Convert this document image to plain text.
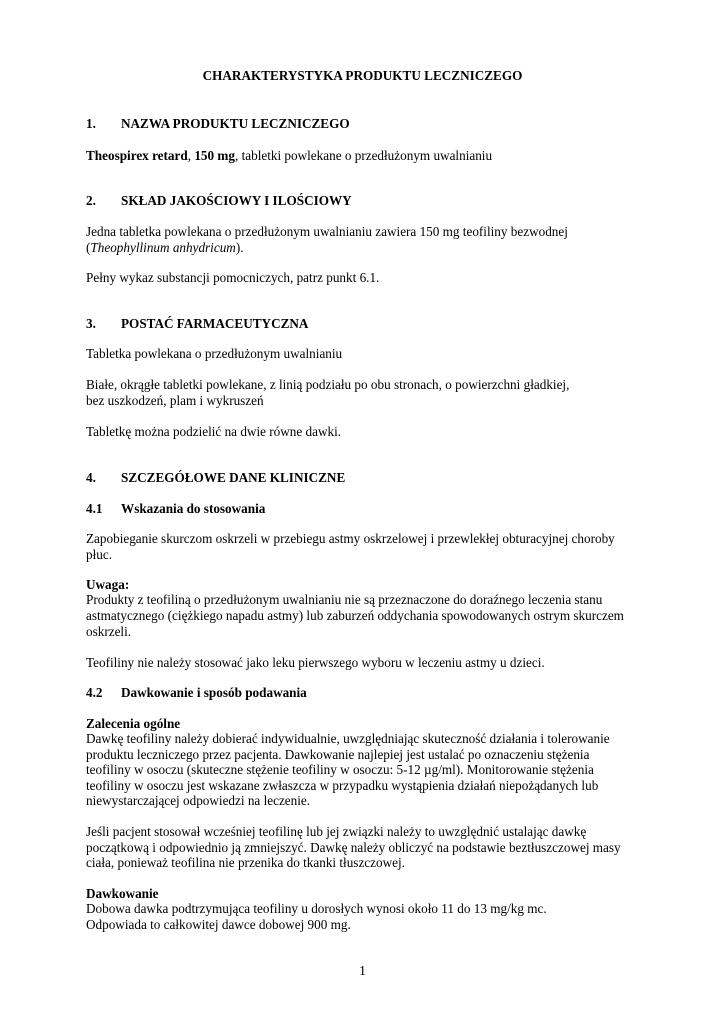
CHARAKTERYSTYKA PRODUKTU LECZNICZEGO

1. NAZWA PRODUKTU LECZNICZEGO

Theospirex retard, 150 mg, tabletki powlekane o przedłużonym uwalnianiu

2. SKŁAD JAKOŚCIOWY I ILOŚCIOWY

Jedna tabletka powlekana o przedłużonym uwalnianiu zawiera 150 mg teofiliny bezwodnej

(Theophyllinum anhydricum).

Pełny wykaz substancji pomocniczych, patrz punkt 6.1.

3. POSTAĆ FARMACEUTYCZNA

Tabletka powlekana o przedłużonym uwalnianiu

Białe, okrągłe tabletki powlekane, z linią podziału po obu stronach, o powierzchni gładkiej,

bez uszkodzeń, plam i wykruszeń

Tabletkę można podzielić na dwie równe dawki.

4. SZCZEGÓŁOWE DANE KLINICZNE

4.1 Wskazania do stosowania

Zapobieganie skurczom oskrzeli w przebiegu astmy oskrzelowej i przewlekłej obturacyjnej choroby

płuc.

Uwaga:

Produkty z teofiliną o przedłużonym uwalnianiu nie są przeznaczone do doraźnego leczenia stanu

astmatycznego (ciężkiego napadu astmy) lub zaburzeń oddychania spowodowanych ostrym skurczem

oskrzeli.

Teofiliny nie należy stosować jako leku pierwszego wyboru w leczeniu astmy u dzieci.

4.2 Dawkowanie i sposób podawania

Zalecenia ogólne

Dawkę teofiliny należy dobierać indywidualnie, uwzględniając skuteczność działania i tolerowanie

produktu leczniczego przez pacjenta. Dawkowanie najlepiej jest ustalać po oznaczeniu stężenia

teofiliny w osoczu (skuteczne stężenie teofiliny w osoczu: 5-12 µg/ml). Monitorowanie stężenia

teofiliny w osoczu jest wskazane zwłaszcza w przypadku wystąpienia działań niepożądanych lub

niewystarczającej odpowiedzi na leczenie.

Jeśli pacjent stosował wcześniej teofilinę lub jej związki należy to uwzględnić ustalając dawkę

początkową i odpowiednio ją zmniejszyć. Dawkę należy obliczyć na podstawie beztłuszczowej masy

ciała, ponieważ teofilina nie przenika do tkanki tłuszczowej.

Dawkowanie

Dobowa dawka podtrzymująca teofiliny u dorosłych wynosi około 11 do 13 mg/kg mc.

Odpowiada to całkowitej dawce dobowej 900 mg.

1
